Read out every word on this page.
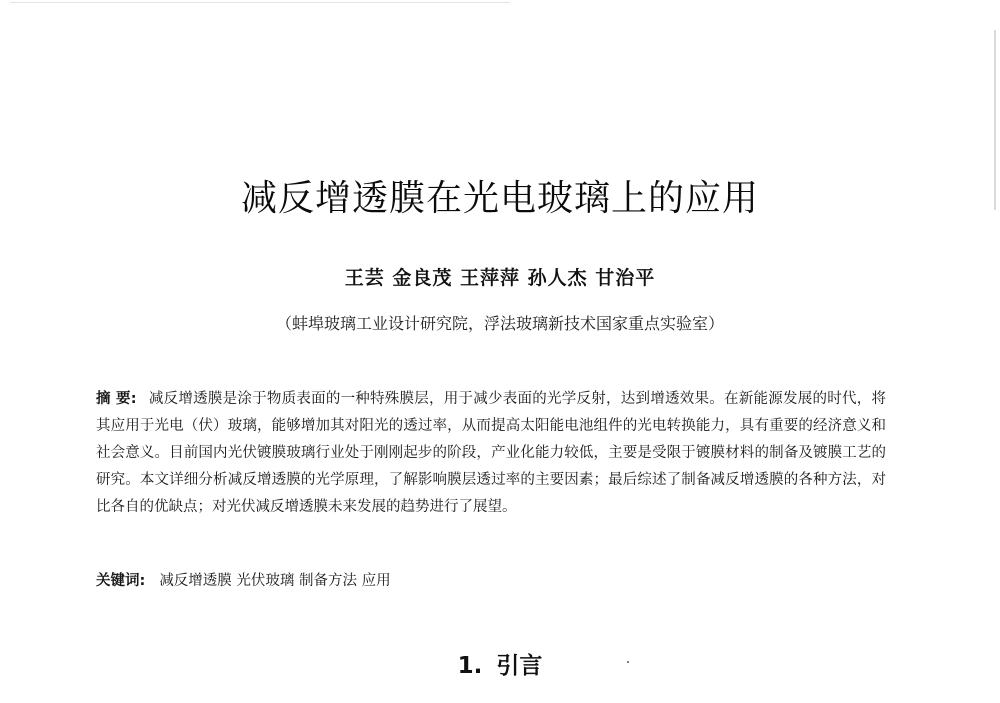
减反增透膜在光电玻璃上的应用

王芸 金良茂 王萍萍 孙人杰 甘治平

（蚌埠玻璃工业设计研究院，浮法玻璃新技术国家重点实验室）

摘 要: 减反增透膜是涂于物质表面的一种特殊膜层，用于减少表面的光学反射，达到增透效果。在新能源发展的时代，将其应用于光电（伏）玻璃，能够增加其对阳光的透过率，从而提高太阳能电池组件的光电转换能力，具有重要的经济意义和社会意义。目前国内光伏镀膜玻璃行业处于刚刚起步的阶段，产业化能力较低，主要是受限于镀膜材料的制备及镀膜工艺的研究。本文详细分析减反增透膜的光学原理，了解影响膜层透过率的主要因素；最后综述了制备减反增透膜的各种方法，对比各自的优缺点；对光伏减反增透膜未来发展的趋势进行了展望。

关键词: 减反增透膜 光伏玻璃 制备方法 应用

1. 引言
